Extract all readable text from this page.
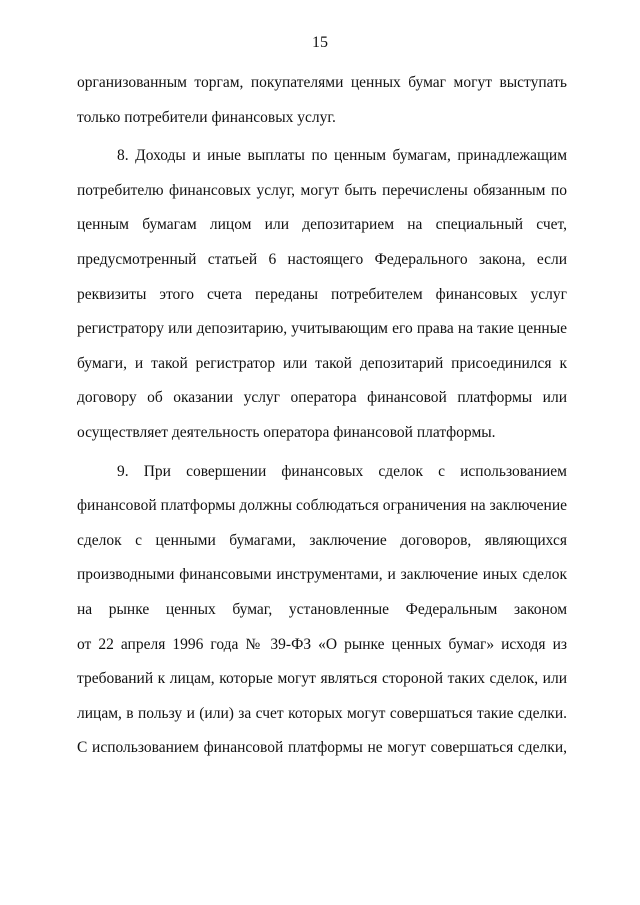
15
организованным торгам, покупателями ценных бумаг могут выступать
только потребители финансовых услуг.
8. Доходы и иные выплаты по ценным бумагам, принадлежащим
потребителю финансовых услуг, могут быть перечислены обязанным по
ценным бумагам лицом или депозитарием на специальный счет,
предусмотренный статьей 6 настоящего Федерального закона, если
реквизиты этого счета переданы потребителем финансовых услуг
регистратору или депозитарию, учитывающим его права на такие ценные
бумаги, и такой регистратор или такой депозитарий присоединился к
договору об оказании услуг оператора финансовой платформы или
осуществляет деятельность оператора финансовой платформы.
9. При совершении финансовых сделок с использованием
финансовой платформы должны соблюдаться ограничения на заключение
сделок с ценными бумагами, заключение договоров, являющихся
производными финансовыми инструментами, и заключение иных сделок
на рынке ценных бумаг, установленные Федеральным законом
от 22 апреля 1996 года № 39-ФЗ «О рынке ценных бумаг» исходя из
требований к лицам, которые могут являться стороной таких сделок, или
лицам, в пользу и (или) за счет которых могут совершаться такие сделки.
С использованием финансовой платформы не могут совершаться сделки,
